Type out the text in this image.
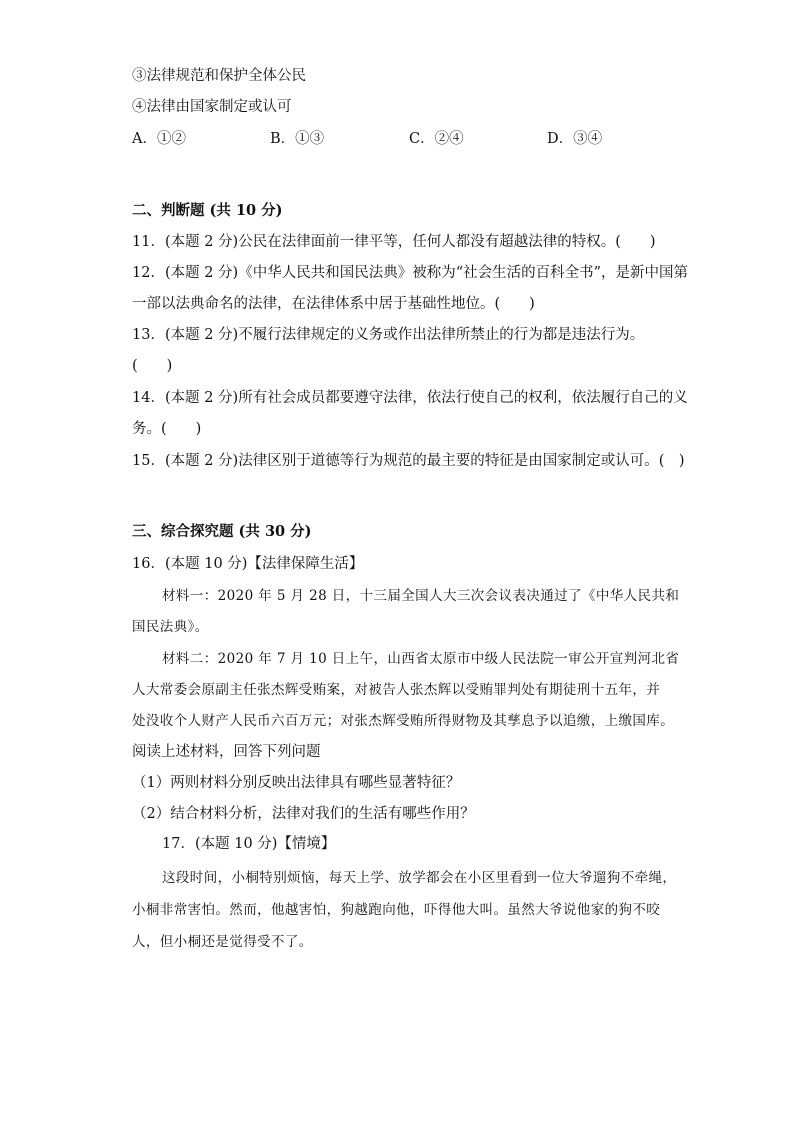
③法律规范和保护全体公民
④法律由国家制定或认可
A．①②	B．①③	C．②④	D．③④
二、判断题 (共 10 分)
11．(本题 2 分)公民在法律面前一律平等，任何人都没有超越法律的特权。(　　)
12．(本题 2 分)《中华人民共和国民法典》被称为“社会生活的百科全书”，是新中国第
一部以法典命名的法律，在法律体系中居于基础性地位。(　　)
13．(本题 2 分)不履行法律规定的义务或作出法律所禁止的行为都是违法行为。
(　　)
14．(本题 2 分)所有社会成员都要遵守法律，依法行使自己的权利，依法履行自己的义
务。(　　)
15．(本题 2 分)法律区别于道德等行为规范的最主要的特征是由国家制定或认可。(　)
三、综合探究题 (共 30 分)
16．(本题 10 分)【法律保障生活】
材料一：2020 年 5 月 28 日，十三届全国人大三次会议表决通过了《中华人民共和
国民法典》。
材料二：2020 年 7 月 10 日上午，山西省太原市中级人民法院一审公开宣判河北省
人大常委会原副主任张杰辉受贿案，对被告人张杰辉以受贿罪判处有期徒刑十五年，并
处没收个人财产人民币六百万元；对张杰辉受贿所得财物及其孳息予以追缴，上缴国库。
阅读上述材料，回答下列问题
（1）两则材料分别反映出法律具有哪些显著特征？
（2）结合材料分析，法律对我们的生活有哪些作用？
17．(本题 10 分)【情境】
这段时间，小桐特别烦恼，每天上学、放学都会在小区里看到一位大爷遛狗不牵绳，
小桐非常害怕。然而，他越害怕，狗越跑向他，吓得他大叫。虽然大爷说他家的狗不咬
人，但小桐还是觉得受不了。
